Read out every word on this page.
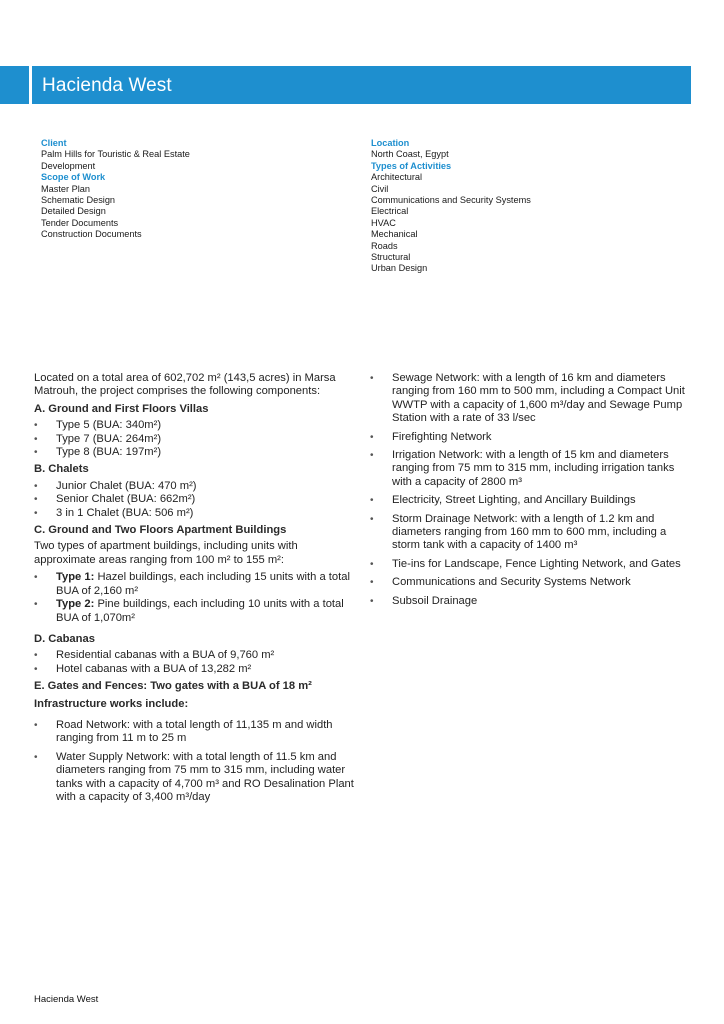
Hacienda West
Client
Palm Hills for Touristic & Real Estate
Development
Scope of Work
Master Plan
Schematic Design
Detailed Design
Tender Documents
Construction Documents
Location
North Coast, Egypt
Types of Activities
Architectural
Civil
Communications and Security Systems
Electrical
HVAC
Mechanical
Roads
Structural
Urban Design

Located on a total area of 602,702 m² (143,5 acres) in Marsa Matrouh, the project comprises the following components:

A. Ground and First Floors Villas

• Type 5 (BUA: 340m²)
• Type 7 (BUA: 264m²)
• Type 8 (BUA: 197m²)

B. Chalets

• Junior Chalet (BUA: 470 m²)
• Senior Chalet (BUA: 662m²)
• 3 in 1 Chalet (BUA: 506 m²)

C. Ground and Two Floors Apartment Buildings

Two types of apartment buildings, including units with approximate areas ranging from 100 m² to 155 m²:

• Type 1: Hazel buildings, each including 15 units with a total BUA of 2,160 m²
• Type 2: Pine buildings, each including 10 units with a total BUA of 1,070m²

D. Cabanas

• Residential cabanas with a BUA of 9,760 m²
• Hotel cabanas with a BUA of 13,282 m²

E. Gates and Fences: Two gates with a BUA of 18 m²

Infrastructure works include:

• Road Network: with a total length of 11,135 m and width ranging from 11 m to 25 m
• Water Supply Network: with a total length of 11.5 km and diameters ranging from 75 mm to 315 mm, including water tanks with a capacity of 4,700 m³ and RO Desalination Plant with a capacity of 3,400 m³/day
• Sewage Network: with a length of 16 km and diameters ranging from 160 mm to 500 mm, including a Compact Unit WWTP with a capacity of 1,600 m³/day and Sewage Pump Station with a rate of 33 l/sec
• Firefighting Network
• Irrigation Network: with a length of 15 km and diameters ranging from 75 mm to 315 mm, including irrigation tanks with a capacity of 2800 m³
• Electricity, Street Lighting, and Ancillary Buildings
• Storm Drainage Network: with a length of 1.2 km and diameters ranging from 160 mm to 600 mm, including a storm tank with a capacity of 1400 m³
• Tie-ins for Landscape, Fence Lighting Network, and Gates
• Communications and Security Systems Network
• Subsoil Drainage
Hacienda West
